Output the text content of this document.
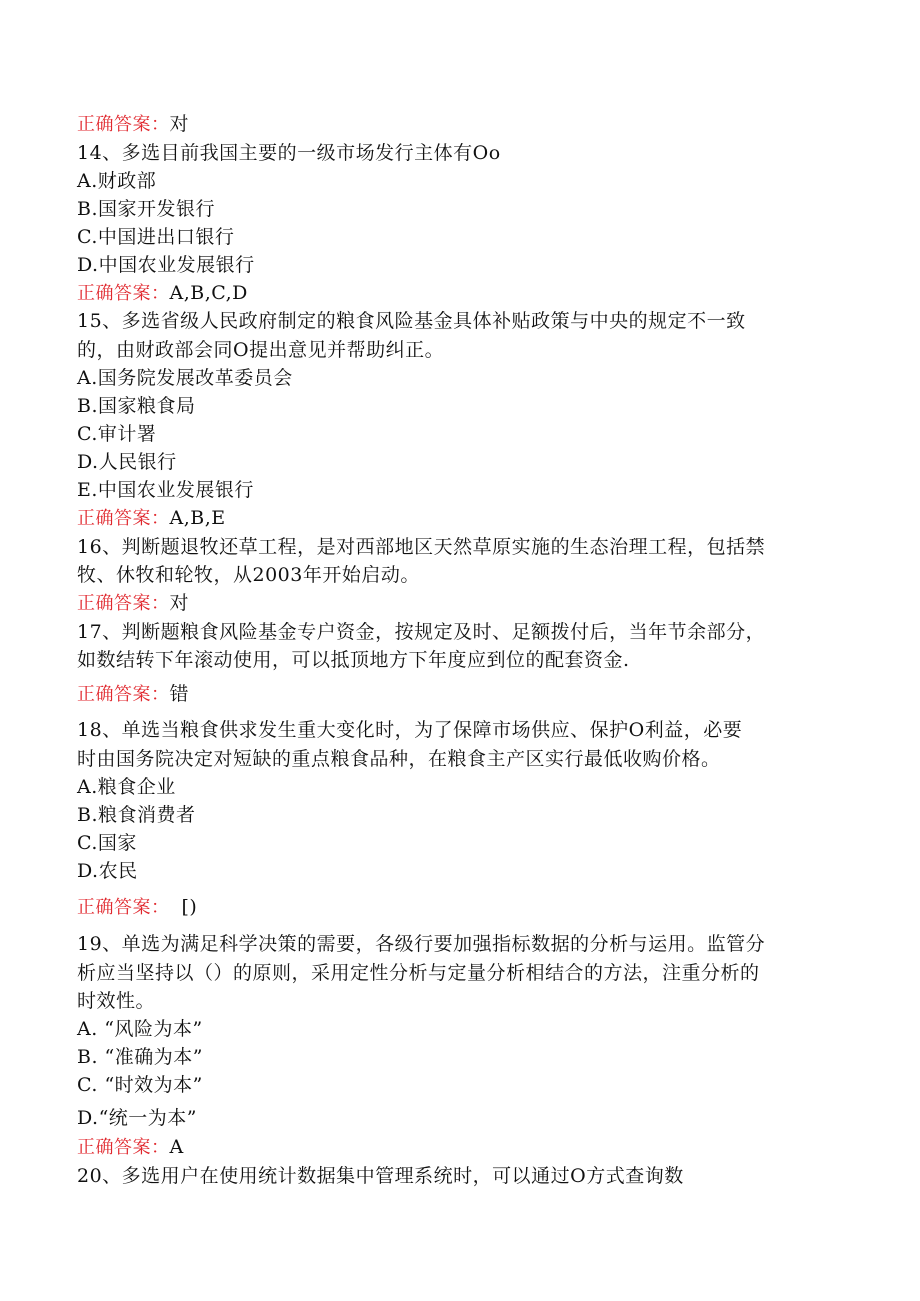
正确答案：对
14、多选目前我国主要的一级市场发行主体有Oo
A.财政部
B.国家开发银行
C.中国进出口银行
D.中国农业发展银行
正确答案：A,B,C,D
15、多选省级人民政府制定的粮食风险基金具体补贴政策与中央的规定不一致
的，由财政部会同O提出意见并帮助纠正。
A.国务院发展改革委员会
B.国家粮食局
C.审计署
D.人民银行
E.中国农业发展银行
正确答案：A,B,E
16、判断题退牧还草工程，是对西部地区天然草原实施的生态治理工程，包括禁
牧、休牧和轮牧，从2003年开始启动。
正确答案：对
17、判断题粮食风险基金专户资金，按规定及时、足额拨付后，当年节余部分，
如数结转下年滚动使用，可以抵顶地方下年度应到位的配套资金.
正确答案：错
18、单选当粮食供求发生重大变化时，为了保障市场供应、保护O利益，必要
时由国务院决定对短缺的重点粮食品种，在粮食主产区实行最低收购价格。
A.粮食企业
B.粮食消费者
C.国家
D.农民
正确答案： [)
19、单选为满足科学决策的需要，各级行要加强指标数据的分析与运用。监管分
析应当坚持以（）的原则，采用定性分析与定量分析相结合的方法，注重分析的
时效性。
A. “风险为本”
B. “准确为本”
C. “时效为本”
D.“统一为本”
正确答案：A
20、多选用户在使用统计数据集中管理系统时，可以通过O方式查询数
